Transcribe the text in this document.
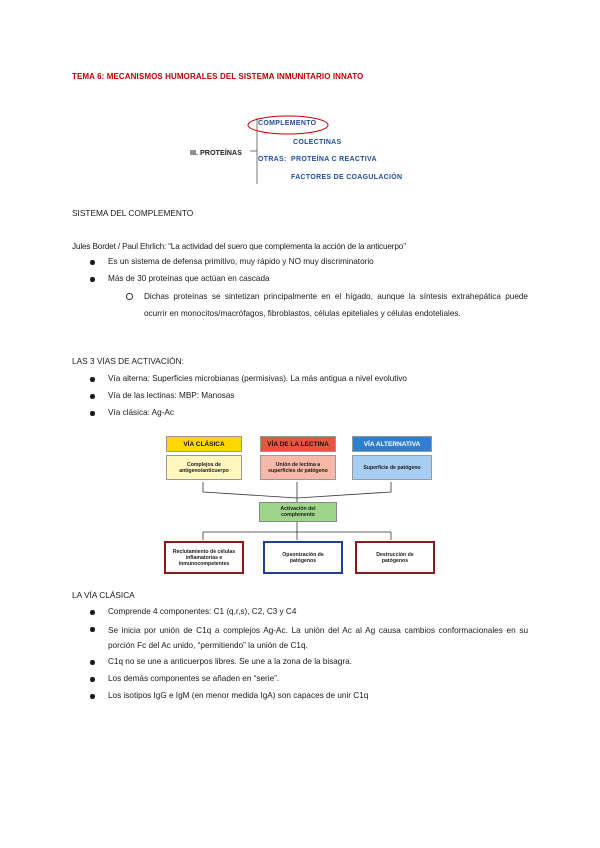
TEMA 6: MECANISMOS HUMORALES DEL SISTEMA INMUNITARIO INNATO
III. PROTEÍNAS
COMPLEMENTO
OTRAS:
COLECTINAS
PROTEÍNA C REACTIVA
FACTORES DE COAGULACIÓN
SISTEMA DEL COMPLEMENTO
Jules Bordet / Paul Ehrlich: “La actividad del suero que complementa la acción de la anticuerpo”
Es un sistema de defensa primitivo, muy rápido y NO muy discriminatorio
Más de 30 proteínas que actúan en cascada
Dichas proteínas se sintetizan principalmente en el hígado, aunque la síntesis extrahepática puede ocurrir en monocitos/macrófagos, fibroblastos, células epiteliales y células endoteliales.
LAS 3 VÍAS DE ACTIVACIÓN:
Vía alterna: Superficies microbianas (permisivas). La más antigua a nivel evolutivo
Vía de las lectinas: MBP: Manosas
Vía clásica: Ag-Ac
VÍA CLÁSICA	VÍA DE LA LECTINA	VÍA ALTERNATIVA
Complejos de antígeno/anticuerpo
Unión de lectina a superficies de patógeno	Superficie de patógeno
Activación del complemento
Reclutamiento de células inflamatorias e inmunocompetentes
Opsonización de patógenos
Destrucción de patógenos
LA VÍA CLÁSICA
Comprende 4 componentes: C1 (q,r,s), C2, C3 y C4
Se inicia por unión de C1q a complejos Ag-Ac. La unión del Ac al Ag causa cambios conformacionales en su porción Fc del Ac unido, “permitiendo” la unión de C1q.
C1q no se une a anticuerpos libres. Se une a la zona de la bisagra.
Los demás componentes se añaden en “serie”.
Los isotipos IgG e IgM (en menor medida IgA) son capaces de unir C1q
